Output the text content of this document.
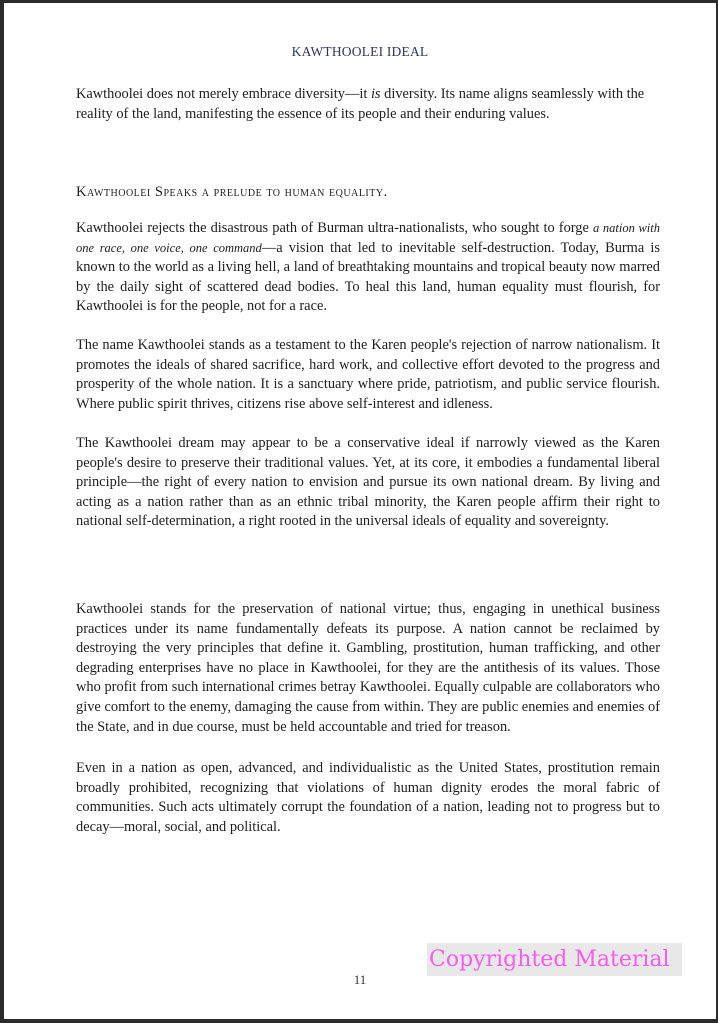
KAWTHOOLEI IDEAL

Kawthoolei does not merely embrace diversity—it is diversity. Its name aligns seamlessly with the reality of the land, manifesting the essence of its people and their enduring values.

Kawthoolei Speaks a prelude to human equality.

Kawthoolei rejects the disastrous path of Burman ultra-nationalists, who sought to forge a nation with one race, one voice, one command—a vision that led to inevitable self-destruction. Today, Burma is known to the world as a living hell, a land of breathtaking mountains and tropical beauty now marred by the daily sight of scattered dead bodies. To heal this land, human equality must flourish, for Kawthoolei is for the people, not for a race.

The name Kawthoolei stands as a testament to the Karen people's rejection of narrow nationalism. It promotes the ideals of shared sacrifice, hard work, and collective effort devoted to the progress and prosperity of the whole nation. It is a sanctuary where pride, patriotism, and public service flourish. Where public spirit thrives, citizens rise above self-interest and idleness.

The Kawthoolei dream may appear to be a conservative ideal if narrowly viewed as the Karen people's desire to preserve their traditional values. Yet, at its core, it embodies a fundamental liberal principle—the right of every nation to envision and pursue its own national dream. By living and acting as a nation rather than as an ethnic tribal minority, the Karen people affirm their right to national self-determination, a right rooted in the universal ideals of equality and sovereignty.

Kawthoolei stands for the preservation of national virtue; thus, engaging in unethical business practices under its name fundamentally defeats its purpose. A nation cannot be reclaimed by destroying the very principles that define it. Gambling, prostitution, human trafficking, and other degrading enterprises have no place in Kawthoolei, for they are the antithesis of its values. Those who profit from such international crimes betray Kawthoolei. Equally culpable are collaborators who give comfort to the enemy, damaging the cause from within. They are public enemies and enemies of the State, and in due course, must be held accountable and tried for treason.

Even in a nation as open, advanced, and individualistic as the United States, prostitution remain broadly prohibited, recognizing that violations of human dignity erodes the moral fabric of communities. Such acts ultimately corrupt the foundation of a nation, leading not to progress but to decay—moral, social, and political.

Copyrighted Material
11
